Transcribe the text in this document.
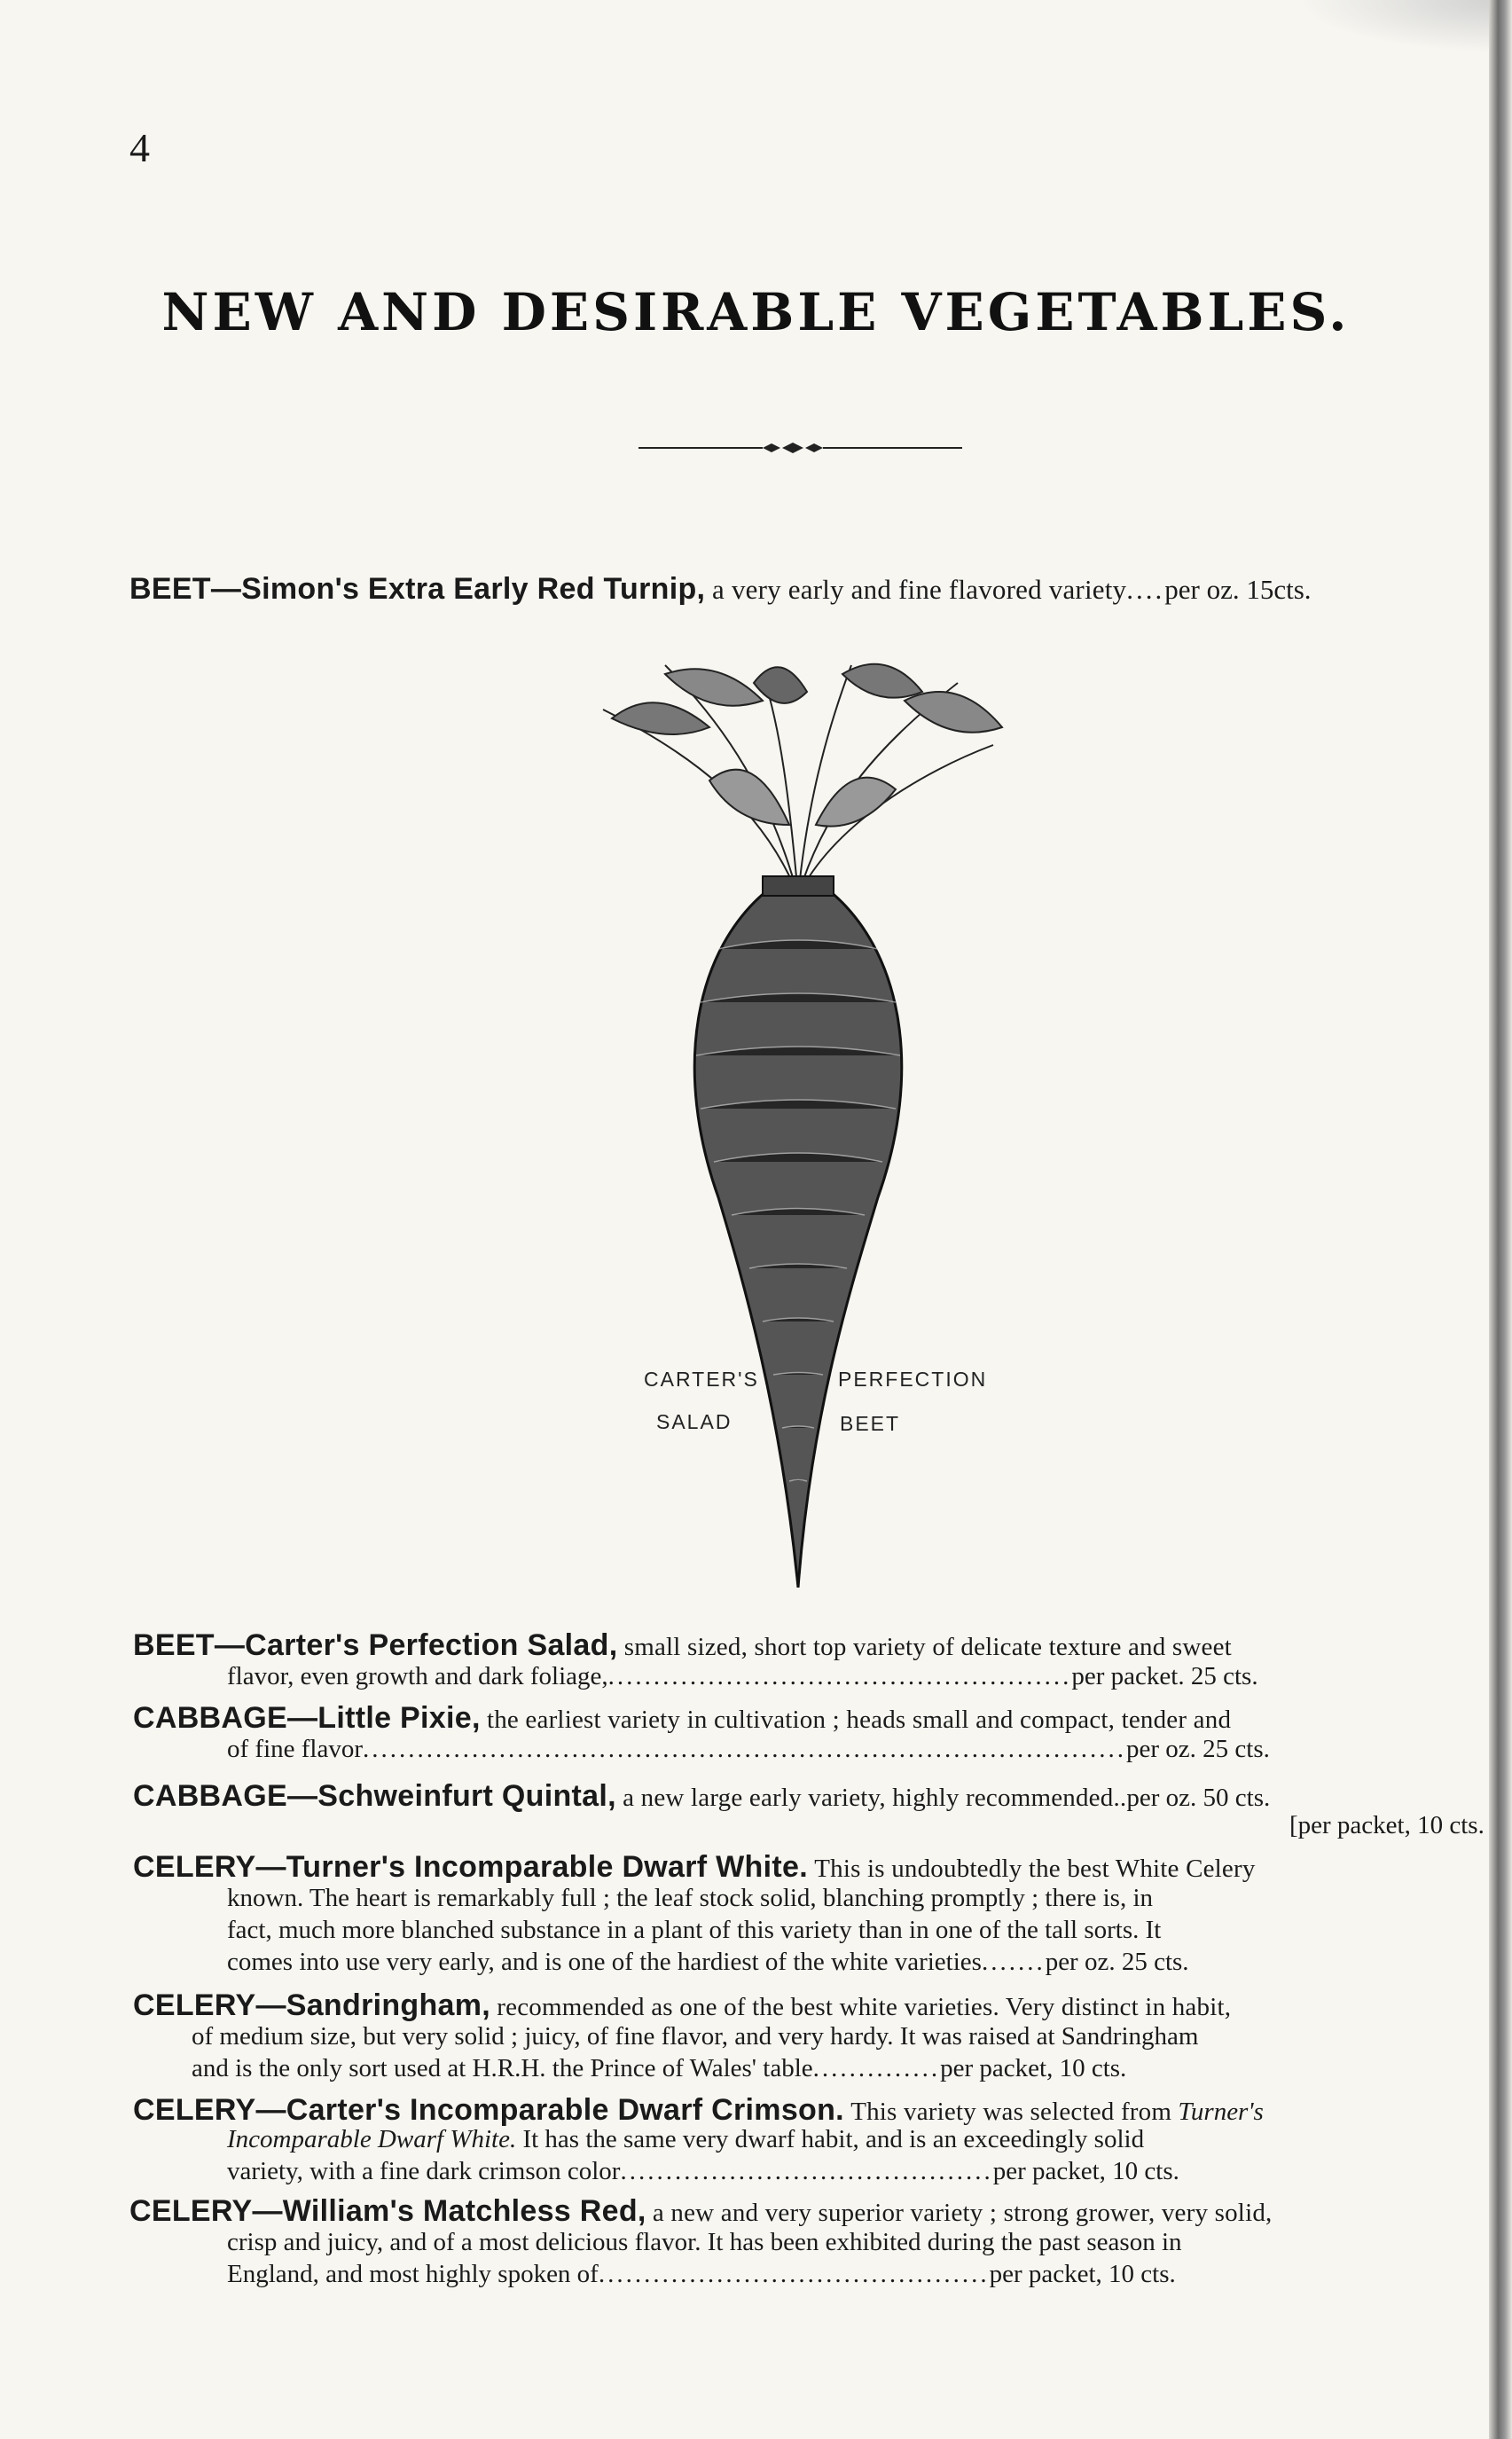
4
NEW AND DESIRABLE VEGETABLES.
BEET—Simon's Extra Early Red Turnip, a very early and fine flavored variety....per oz. 15cts.
CARTER'S	PERFECTION
SALAD	BEET
BEET—Carter's Perfection Salad, small sized, short top variety of delicate texture and sweet
flavor, even growth and dark foliage,...................................................per packet. 25 cts.
CABBAGE—Little Pixie, the earliest variety in cultivation ; heads small and compact, tender and
of fine flavor....................................................................................per oz. 25 cts.
CABBAGE—Schweinfurt Quintal, a new large early variety, highly recommended..per oz. 50 cts.
[per packet, 10 cts.
CELERY—Turner's Incomparable Dwarf White. This is undoubtedly the best White Celery
known. The heart is remarkably full ; the leaf stock solid, blanching promptly ; there is, in
fact, much more blanched substance in a plant of this variety than in one of the tall sorts. It
comes into use very early, and is one of the hardiest of the white varieties.......per oz. 25 cts.
CELERY—Sandringham, recommended as one of the best white varieties. Very distinct in habit,
of medium size, but very solid ; juicy, of fine flavor, and very hardy. It was raised at Sandringham
and is the only sort used at H.R.H. the Prince of Wales' table..............per packet, 10 cts.
CELERY—Carter's Incomparable Dwarf Crimson. This variety was selected from Turner's
Incomparable Dwarf White. It has the same very dwarf habit, and is an exceedingly solid
variety, with a fine dark crimson color.........................................per packet, 10 cts.
CELERY—William's Matchless Red, a new and very superior variety ; strong grower, very solid,
crisp and juicy, and of a most delicious flavor. It has been exhibited during the past season in
England, and most highly spoken of...........................................per packet, 10 cts.
